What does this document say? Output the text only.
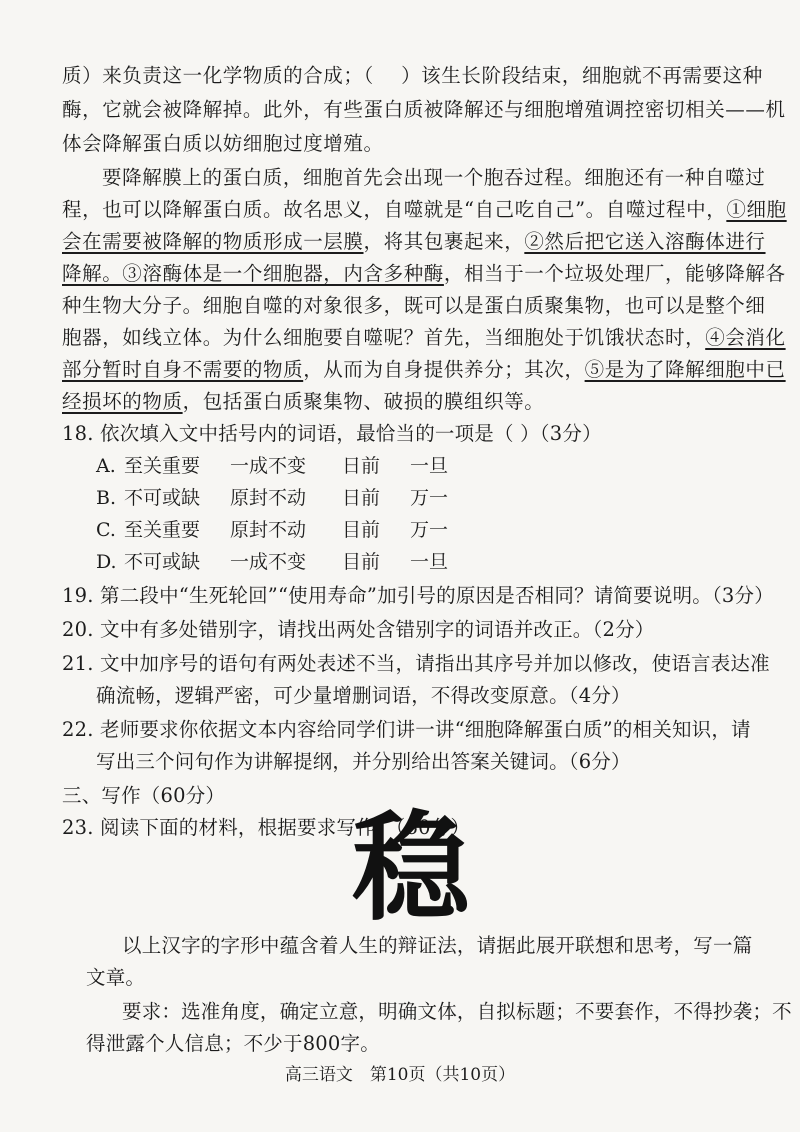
质）来负责这一化学物质的合成；（ ）该生长阶段结束，细胞就不再需要这种
酶，它就会被降解掉。此外，有些蛋白质被降解还与细胞增殖调控密切相关——机
体会降解蛋白质以妨细胞过度增殖。
要降解膜上的蛋白质，细胞首先会出现一个胞吞过程。细胞还有一种自噬过
程，也可以降解蛋白质。故名思义，自噬就是“自己吃自己”。自噬过程中，①细胞
会在需要被降解的物质形成一层膜，将其包裹起来，②然后把它送入溶酶体进行
降解。③溶酶体是一个细胞器，内含多种酶，相当于一个垃圾处理厂，能够降解各
种生物大分子。细胞自噬的对象很多，既可以是蛋白质聚集物，也可以是整个细
胞器，如线立体。为什么细胞要自噬呢？首先，当细胞处于饥饿状态时，④会消化
部分暂时自身不需要的物质，从而为自身提供养分；其次，⑤是为了降解细胞中已
经损坏的物质，包括蛋白质聚集物、破损的膜组织等。
18. 依次填入文中括号内的词语，最恰当的一项是（ ）（3分）
A. 至关重要 一成不变 日前 一旦
B. 不可或缺 原封不动 日前 万一
C. 至关重要 原封不动 目前 万一
D. 不可或缺 一成不变 目前 一旦
19. 第二段中“生死轮回”“使用寿命”加引号的原因是否相同？请简要说明。（3分）
20. 文中有多处错别字，请找出两处含错别字的词语并改正。（2分）
21. 文中加序号的语句有两处表述不当，请指出其序号并加以修改，使语言表达准
确流畅，逻辑严密，可少量增删词语，不得改变原意。（4分）
22. 老师要求你依据文本内容给同学们讲一讲“细胞降解蛋白质”的相关知识，请
写出三个问句作为讲解提纲，并分别给出答案关键词。（6分）
三、写作（60分）
23. 阅读下面的材料，根据要求写作。（60分）
稳
以上汉字的字形中蕴含着人生的辩证法，请据此展开联想和思考，写一篇
文章。
要求：选准角度，确定立意，明确文体，自拟标题；不要套作，不得抄袭；不
得泄露个人信息；不少于800字。
高三语文　第10页（共10页）
